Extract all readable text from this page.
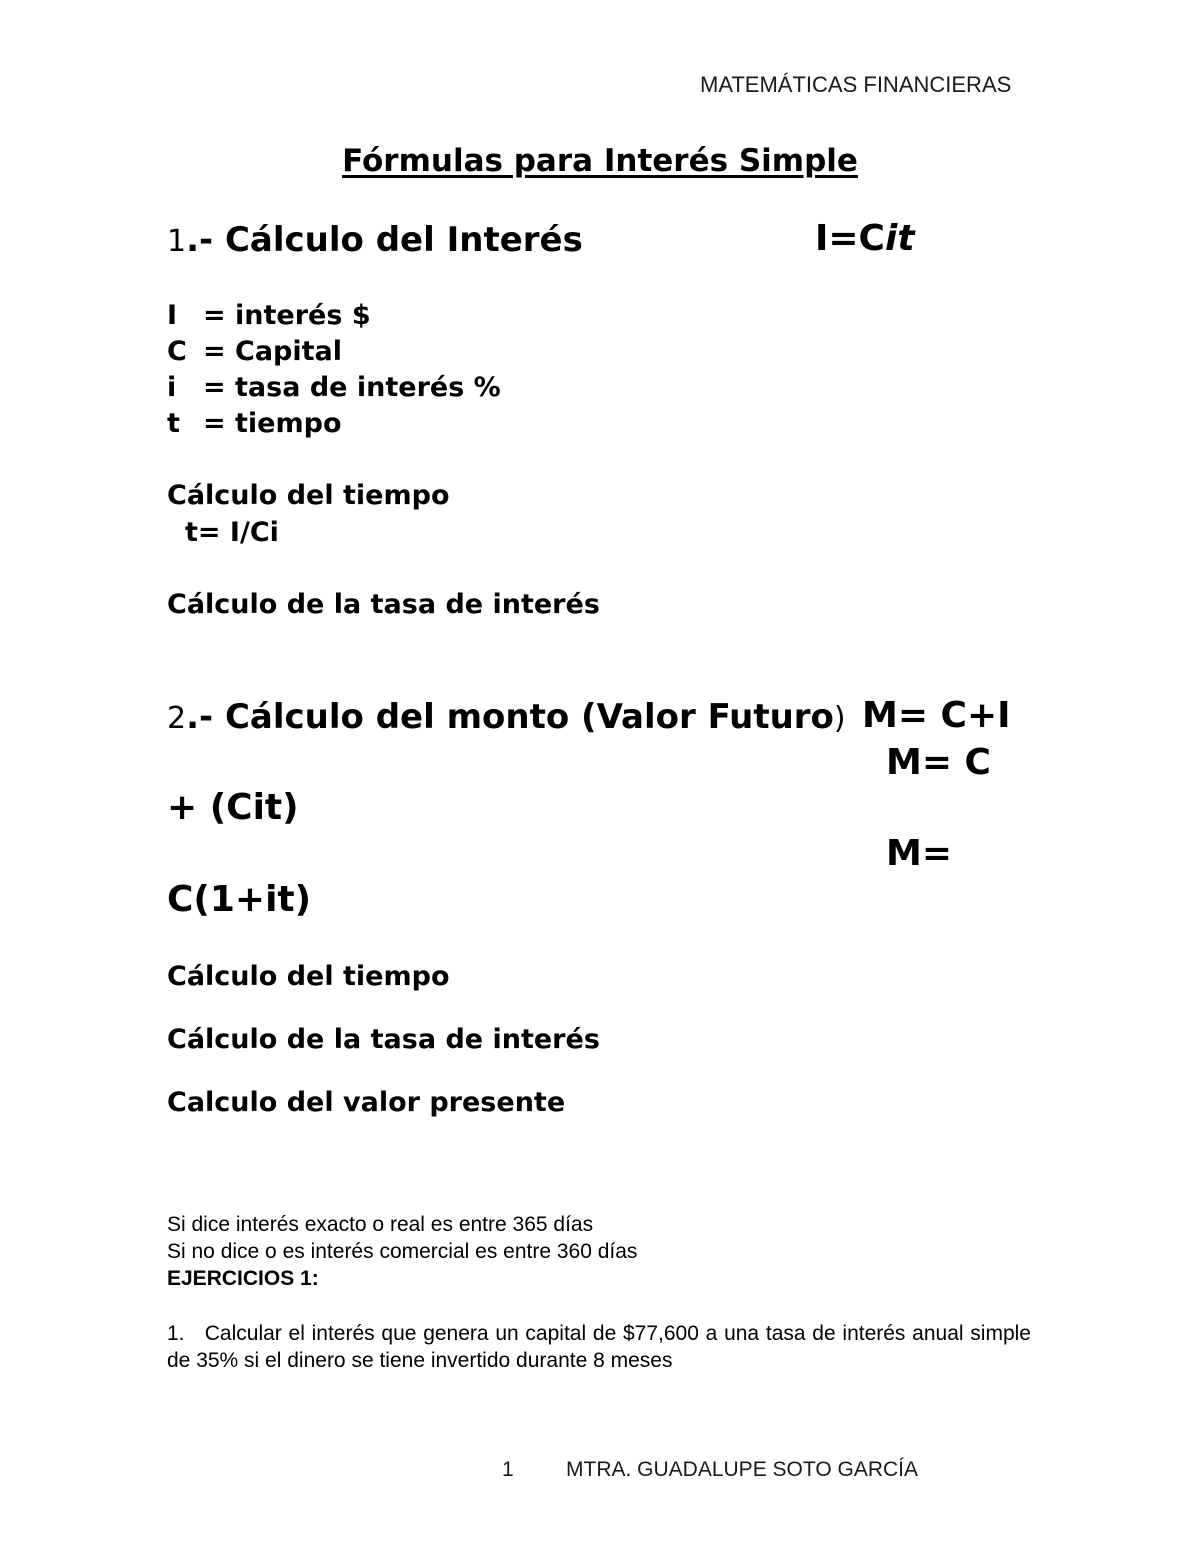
MATEMÁTICAS FINANCIERAS
Fórmulas para Interés Simple
1.- Cálculo del Interés	I=Cit
I = interés $
C = Capital
i = tasa de interés %
t = tiempo
Cálculo del tiempo
t= I/Ci
Cálculo de la tasa de interés
2.- Cálculo del monto (Valor Futuro) M= C+I
M= C
+ (Cit)
M=
C(1+it)
Cálculo del tiempo
Cálculo de la tasa de interés
Calculo del valor presente
Si dice interés exacto o real es entre 365 días
Si no dice o es interés comercial es entre 360 días
EJERCICIOS 1:
1. Calcular el interés que genera un capital de $77,600 a una tasa de interés anual simple de 35% si el dinero se tiene invertido durante 8 meses
1 MTRA. GUADALUPE SOTO GARCÍA
